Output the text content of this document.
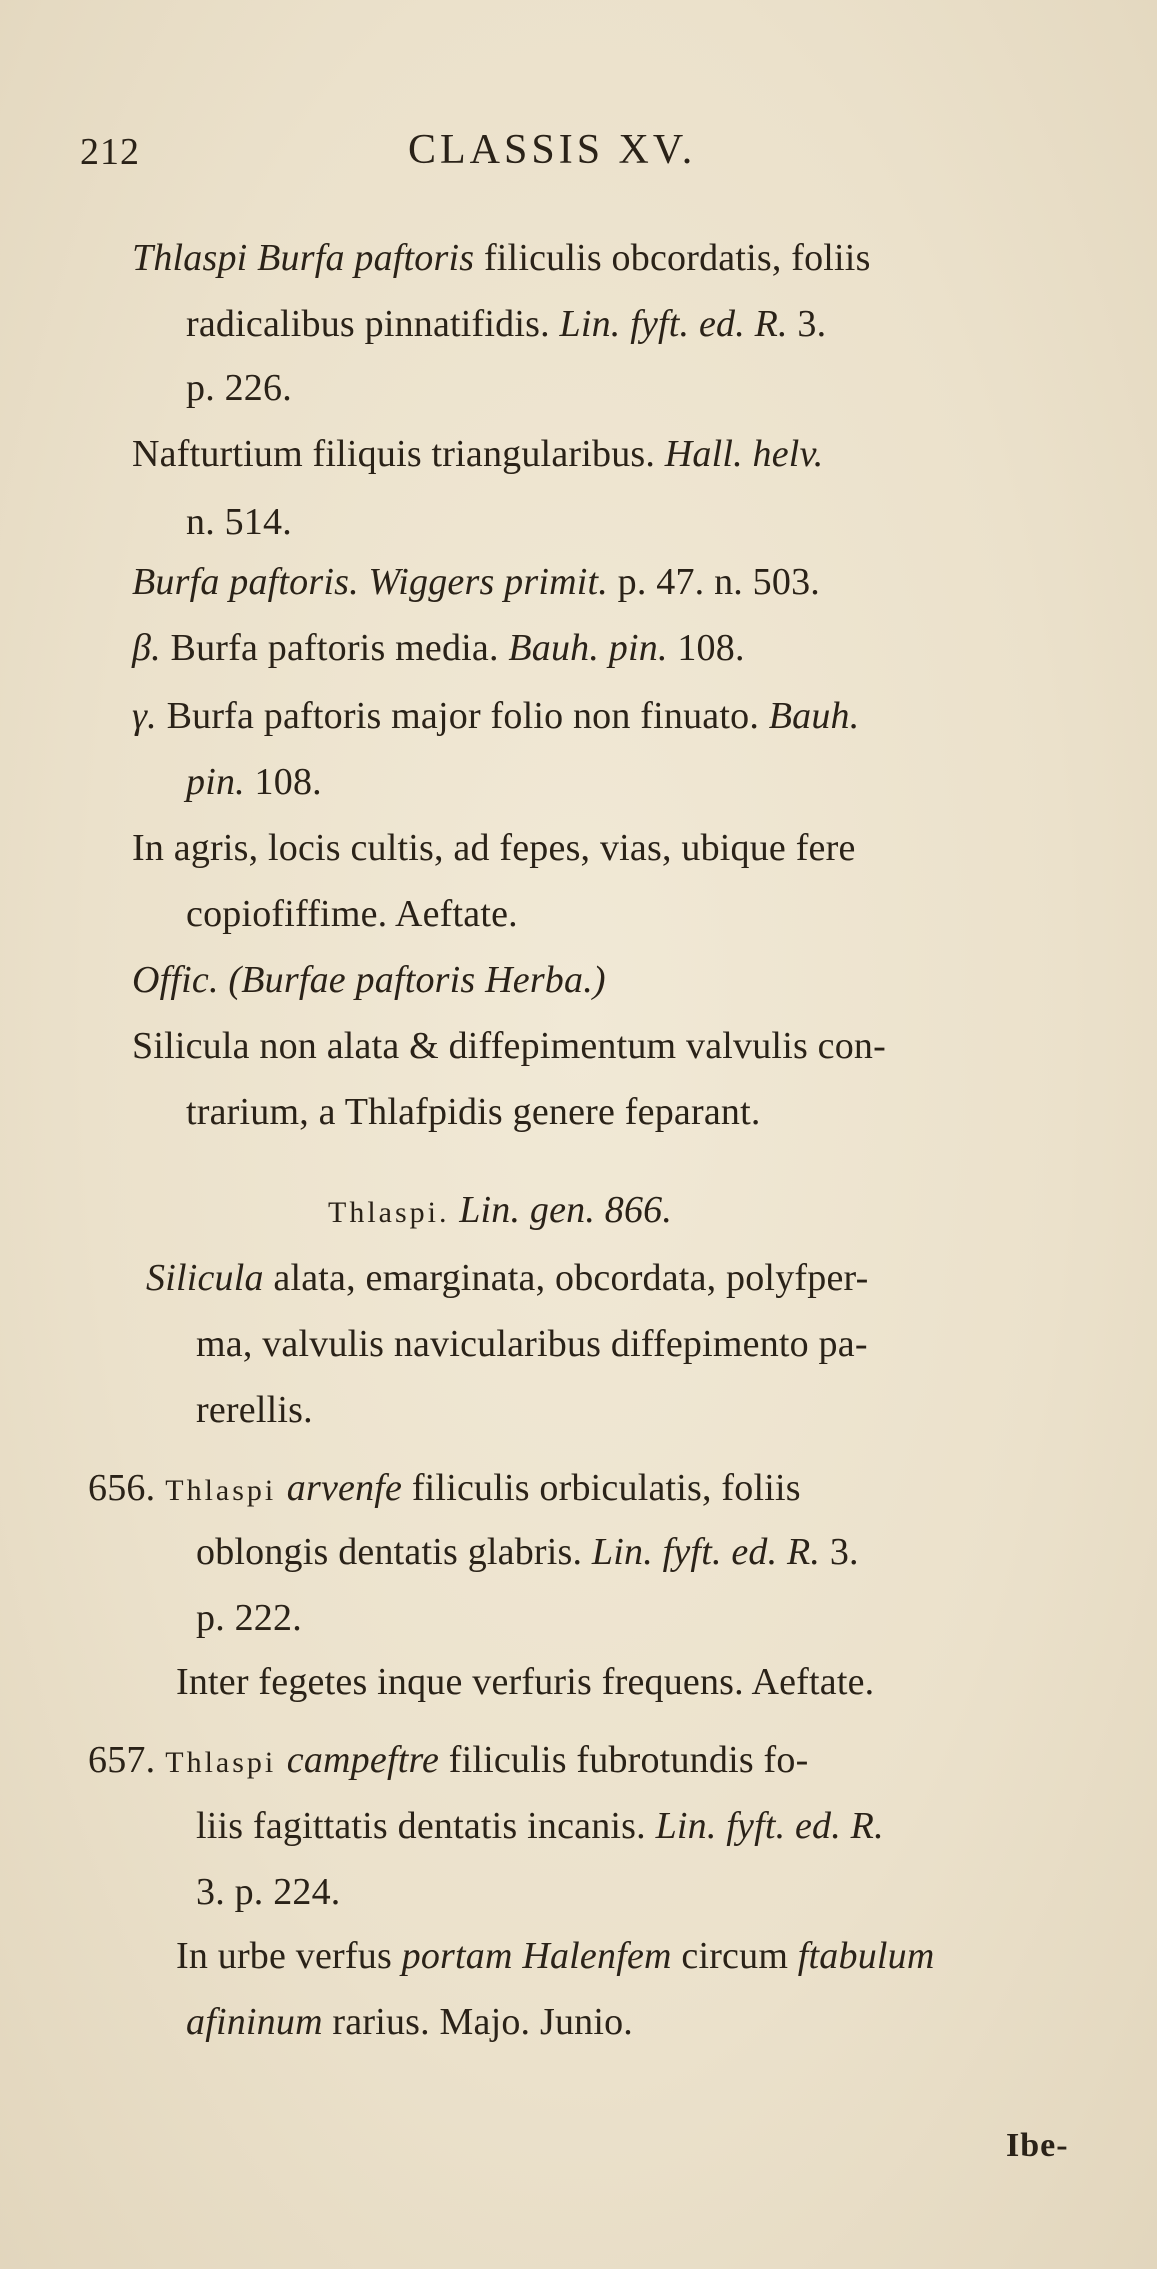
212	CLASSIS XV.
Thlaspi Burfa paftoris filiculis obcordatis, foliis
radicalibus pinnatifidis. Lin. fyft. ed. R. 3.
p. 226.
Nafturtium filiquis triangularibus. Hall. helv.
n. 514.
Burfa paftoris. Wiggers primit. p. 47. n. 503.
β. Burfa paftoris media. Bauh. pin. 108.
γ. Burfa paftoris major folio non finuato. Bauh.
pin. 108.
In agris, locis cultis, ad fepes, vias, ubique fere
copiofiffime. Aeftate.
Offic. (Burfae paftoris Herba.)
Silicula non alata & diffepimentum valvulis con-
trarium, a Thlafpidis genere feparant.
Thlaspi. Lin. gen. 866.
Silicula alata, emarginata, obcordata, polyfper-
ma, valvulis navicularibus diffepimento pa-
rerellis.
656. Thlaspi arvenfe filiculis orbiculatis, foliis
oblongis dentatis glabris. Lin. fyft. ed. R. 3.
p. 222.
Inter fegetes inque verfuris frequens. Aeftate.
657. Thlaspi campeftre filiculis fubrotundis fo-
liis fagittatis dentatis incanis. Lin. fyft. ed. R.
3. p. 224.
In urbe verfus portam Halenfem circum ftabulum
afininum rarius. Majo. Junio.
Ibe-
